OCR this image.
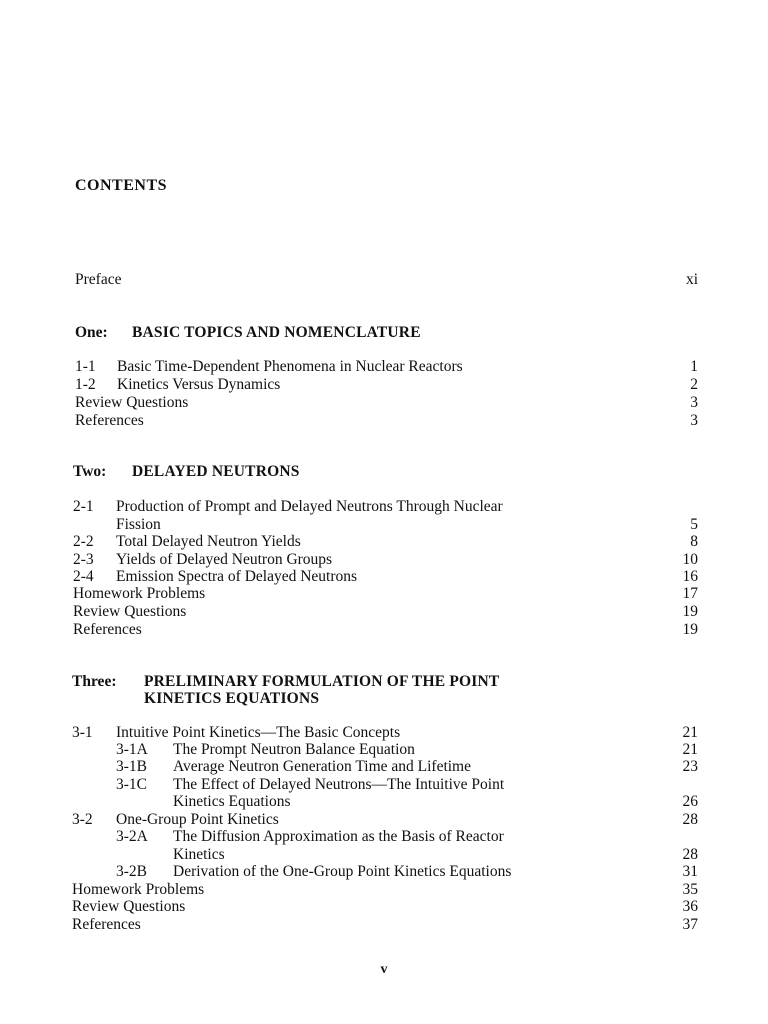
CONTENTS
Preface	xi
One: BASIC TOPICS AND NOMENCLATURE
1-1 Basic Time-Dependent Phenomena in Nuclear Reactors	1
1-2 Kinetics Versus Dynamics	2
Review Questions	3
References	3
Two: DELAYED NEUTRONS
2-1 Production of Prompt and Delayed Neutrons Through Nuclear
Fission	5
2-2 Total Delayed Neutron Yields	8
2-3 Yields of Delayed Neutron Groups	10
2-4 Emission Spectra of Delayed Neutrons	16
Homework Problems	17
Review Questions	19
References	19
Three: PRELIMINARY FORMULATION OF THE POINT
KINETICS EQUATIONS
3-1 Intuitive Point Kinetics—The Basic Concepts	21
3-1A The Prompt Neutron Balance Equation	21
3-1B Average Neutron Generation Time and Lifetime	23
3-1C The Effect of Delayed Neutrons—The Intuitive Point
Kinetics Equations	26
3-2 One-Group Point Kinetics	28
3-2A The Diffusion Approximation as the Basis of Reactor
Kinetics	28
3-2B Derivation of the One-Group Point Kinetics Equations	31
Homework Problems	35
Review Questions	36
References	37
v
